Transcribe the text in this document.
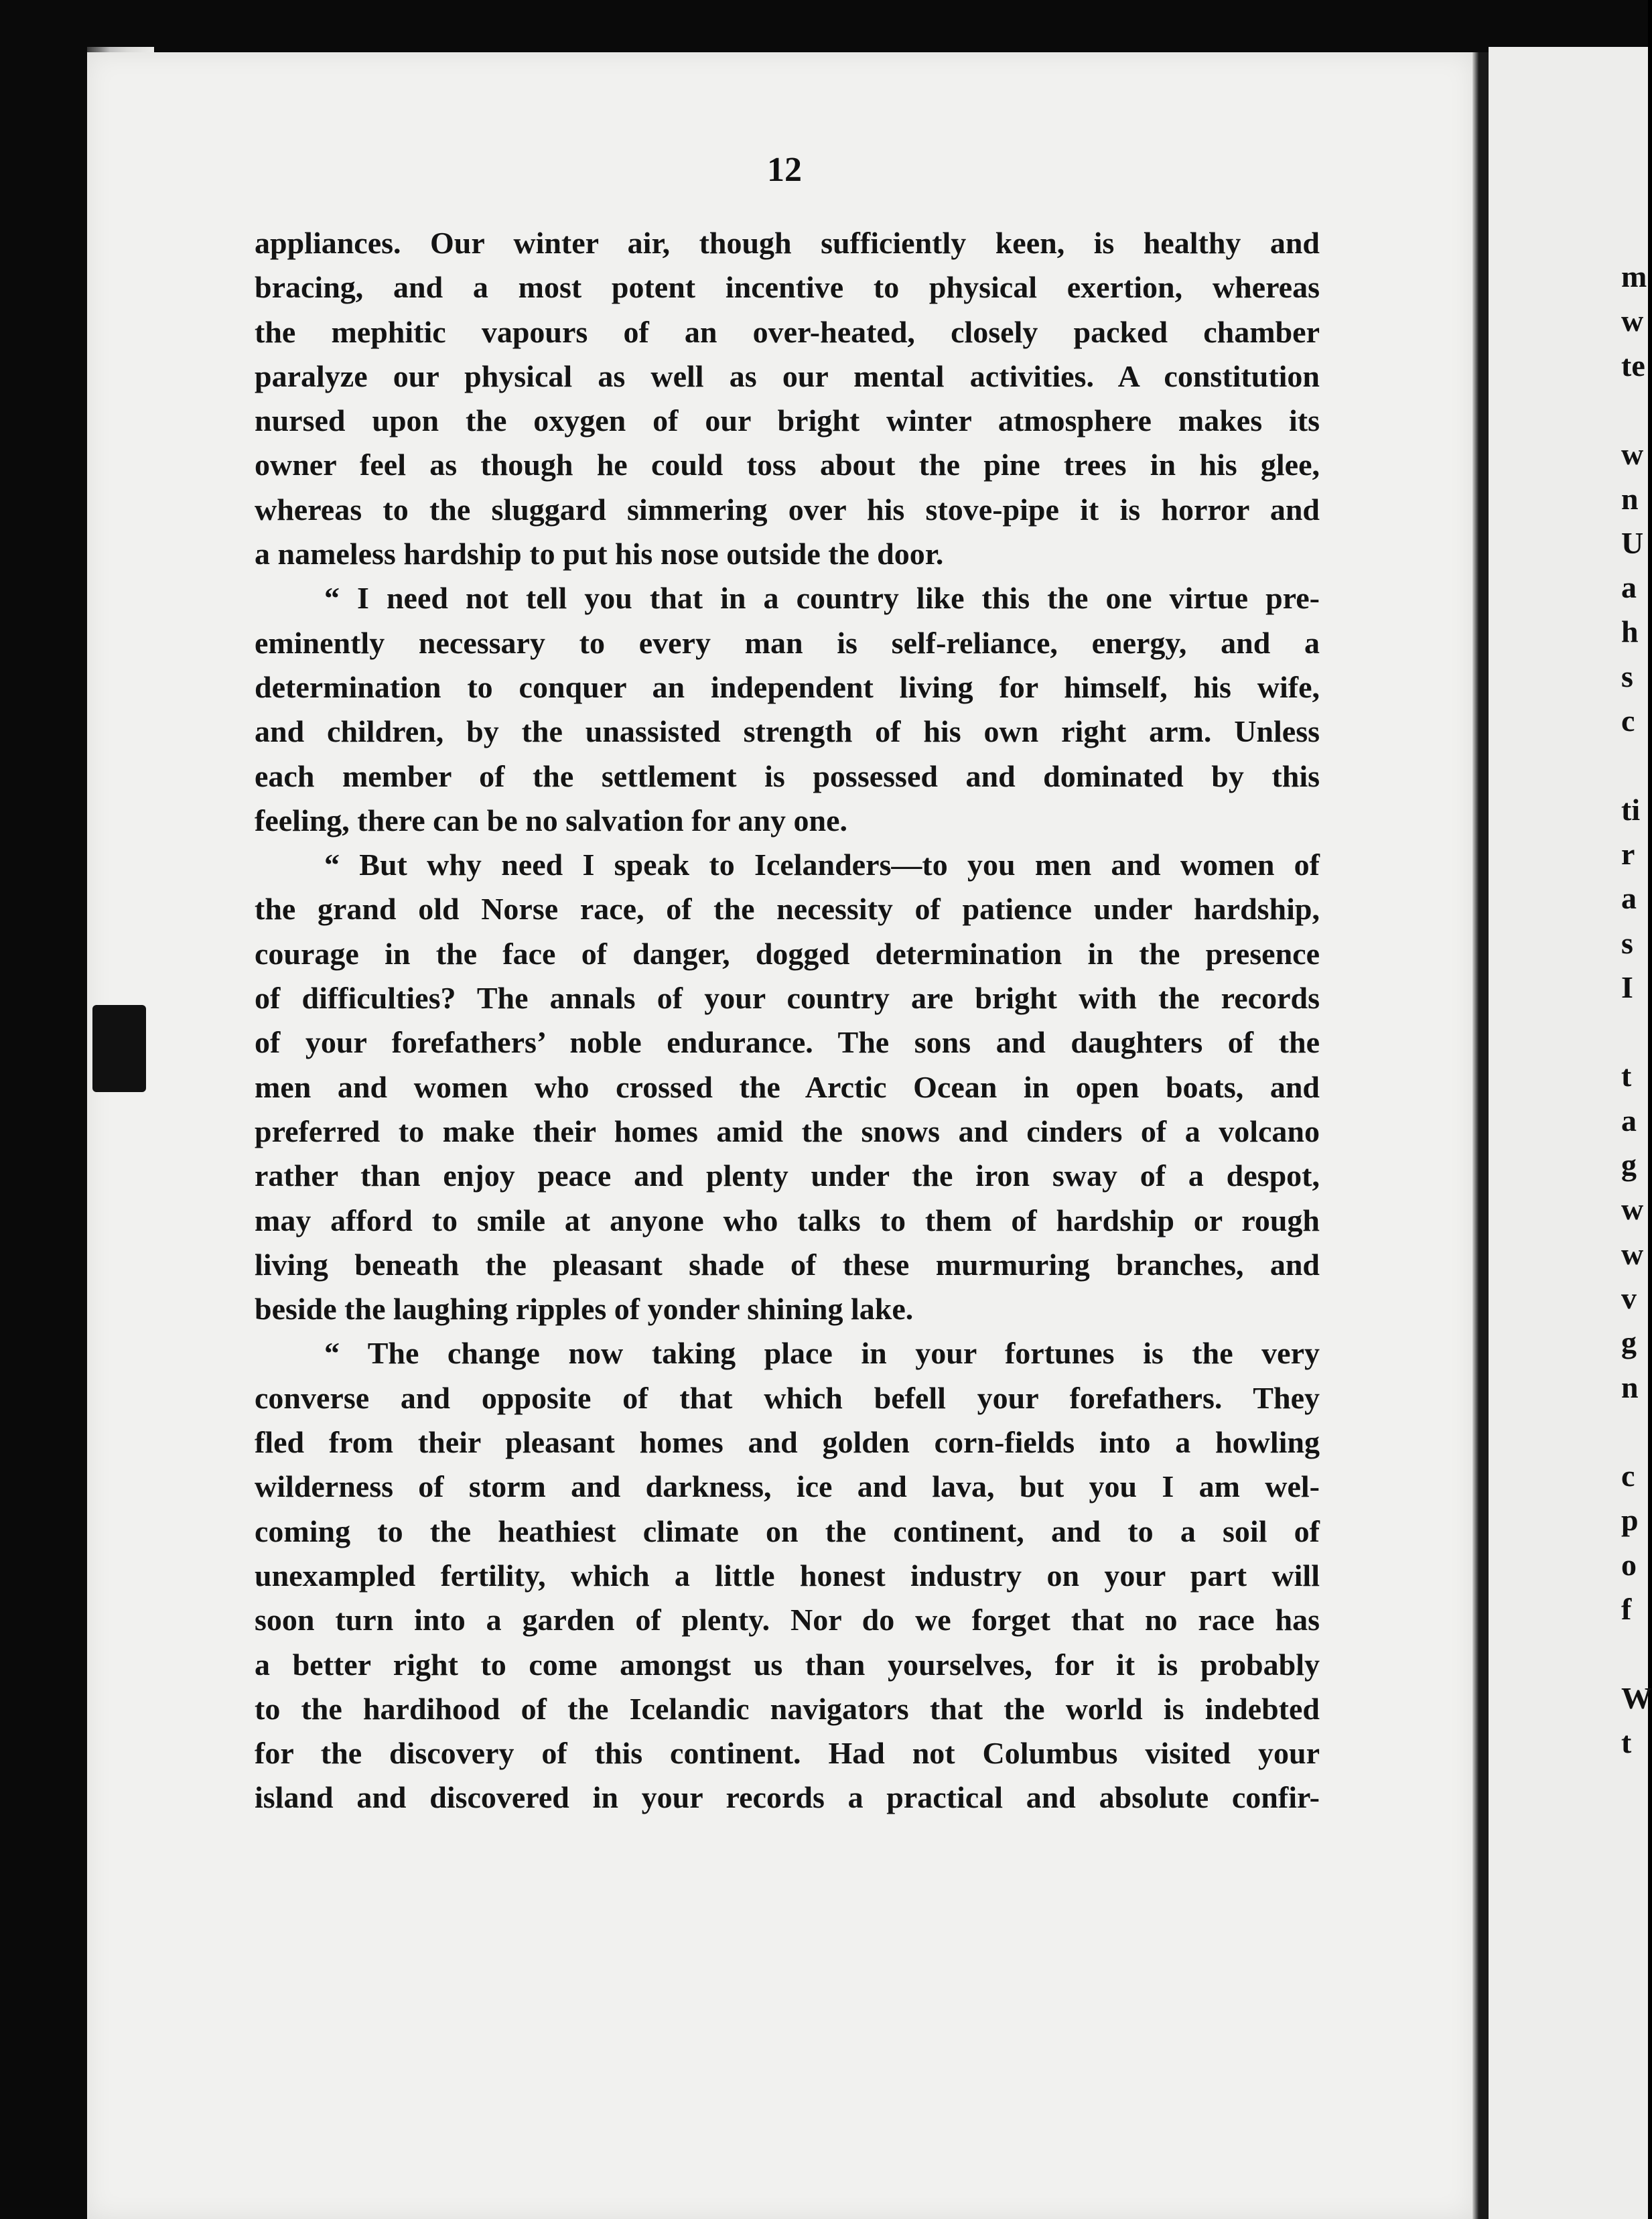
12
appliances. Our winter air, though sufficiently keen, is healthy and
bracing, and a most potent incentive to physical exertion, whereas
the mephitic vapours of an over-heated, closely packed chamber
paralyze our physical as well as our mental activities. A constitution
nursed upon the oxygen of our bright winter atmosphere makes its
owner feel as though he could toss about the pine trees in his glee,
whereas to the sluggard simmering over his stove-pipe it is horror and
a nameless hardship to put his nose outside the door.
“ I need not tell you that in a country like this the one virtue pre-
eminently necessary to every man is self-reliance, energy, and a
determination to conquer an independent living for himself, his wife,
and children, by the unassisted strength of his own right arm. Unless
each member of the settlement is possessed and dominated by this
feeling, there can be no salvation for any one.
“ But why need I speak to Icelanders—to you men and women of
the grand old Norse race, of the necessity of patience under hardship,
courage in the face of danger, dogged determination in the presence
of difficulties? The annals of your country are bright with the records
of your forefathers’ noble endurance. The sons and daughters of the
men and women who crossed the Arctic Ocean in open boats, and
preferred to make their homes amid the snows and cinders of a volcano
rather than enjoy peace and plenty under the iron sway of a despot,
may afford to smile at anyone who talks to them of hardship or rough
living beneath the pleasant shade of these murmuring branches, and
beside the laughing ripples of yonder shining lake.
“ The change now taking place in your fortunes is the very
converse and opposite of that which befell your forefathers. They
fled from their pleasant homes and golden corn-fields into a howling
wilderness of storm and darkness, ice and lava, but you I am wel-
coming to the heathiest climate on the continent, and to a soil of
unexampled fertility, which a little honest industry on your part will
soon turn into a garden of plenty. Nor do we forget that no race has
a better right to come amongst us than yourselves, for it is probably
to the hardihood of the Icelandic navigators that the world is indebted
for the discovery of this continent. Had not Columbus visited your
island and discovered in your records a practical and absolute confir-
m
w
te
w
n
U
a
h
s
c
ti
r
a
s
I
t
a
g
w
w
v
g
n
c
p
o
f
W
t
